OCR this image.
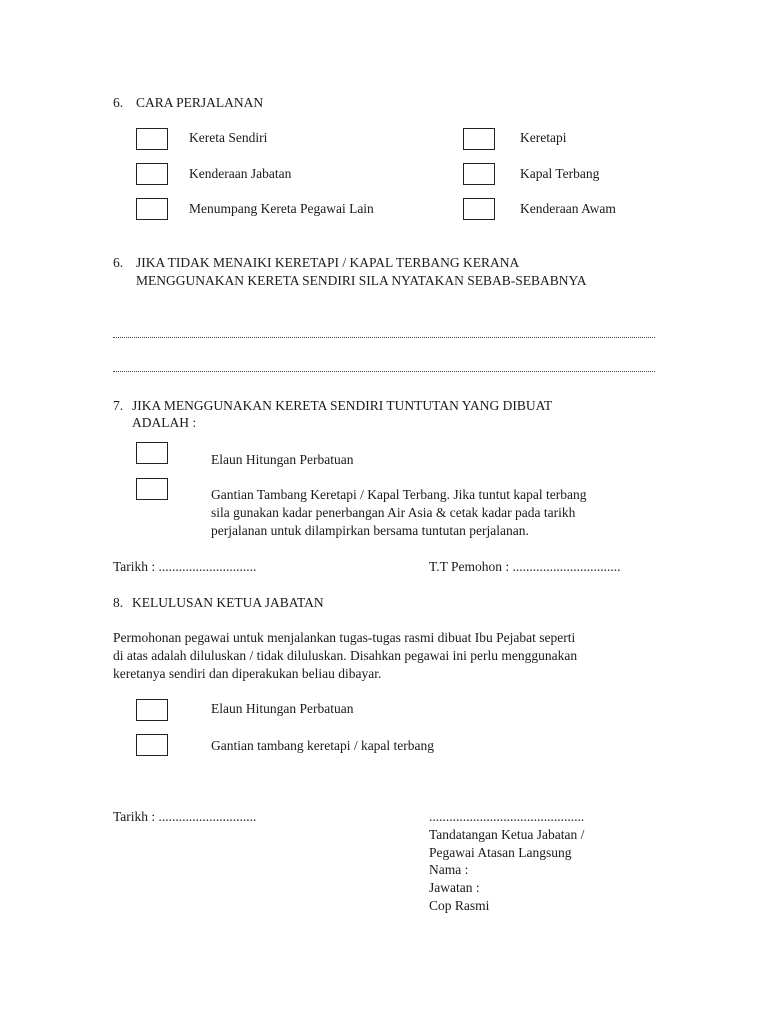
6. CARA PERJALANAN
Kereta Sendiri	Keretapi
Kenderaan Jabatan	Kapal Terbang
Menumpang Kereta Pegawai Lain	Kenderaan Awam
6. JIKA TIDAK MENAIKI KERETAPI / KAPAL TERBANG KERANA
MENGGUNAKAN KERETA SENDIRI SILA NYATAKAN SEBAB-SEBABNYA
7. JIKA MENGGUNAKAN KERETA SENDIRI TUNTUTAN YANG DIBUAT
ADALAH :
Elaun Hitungan Perbatuan
Gantian Tambang Keretapi / Kapal Terbang. Jika tuntut kapal terbang
sila gunakan kadar penerbangan Air Asia & cetak kadar pada tarikh
perjalanan untuk dilampirkan bersama tuntutan perjalanan.
Tarikh : .............................	T.T Pemohon : ................................
8. KELULUSAN KETUA JABATAN
Permohonan pegawai untuk menjalankan tugas-tugas rasmi dibuat Ibu Pejabat seperti
di atas adalah diluluskan / tidak diluluskan. Disahkan pegawai ini perlu menggunakan
keretanya sendiri dan diperakukan beliau dibayar.
Elaun Hitungan Perbatuan
Gantian tambang keretapi / kapal terbang
Tarikh : .............................	..............................................
Tandatangan Ketua Jabatan /
Pegawai Atasan Langsung
Nama :
Jawatan :
Cop Rasmi
